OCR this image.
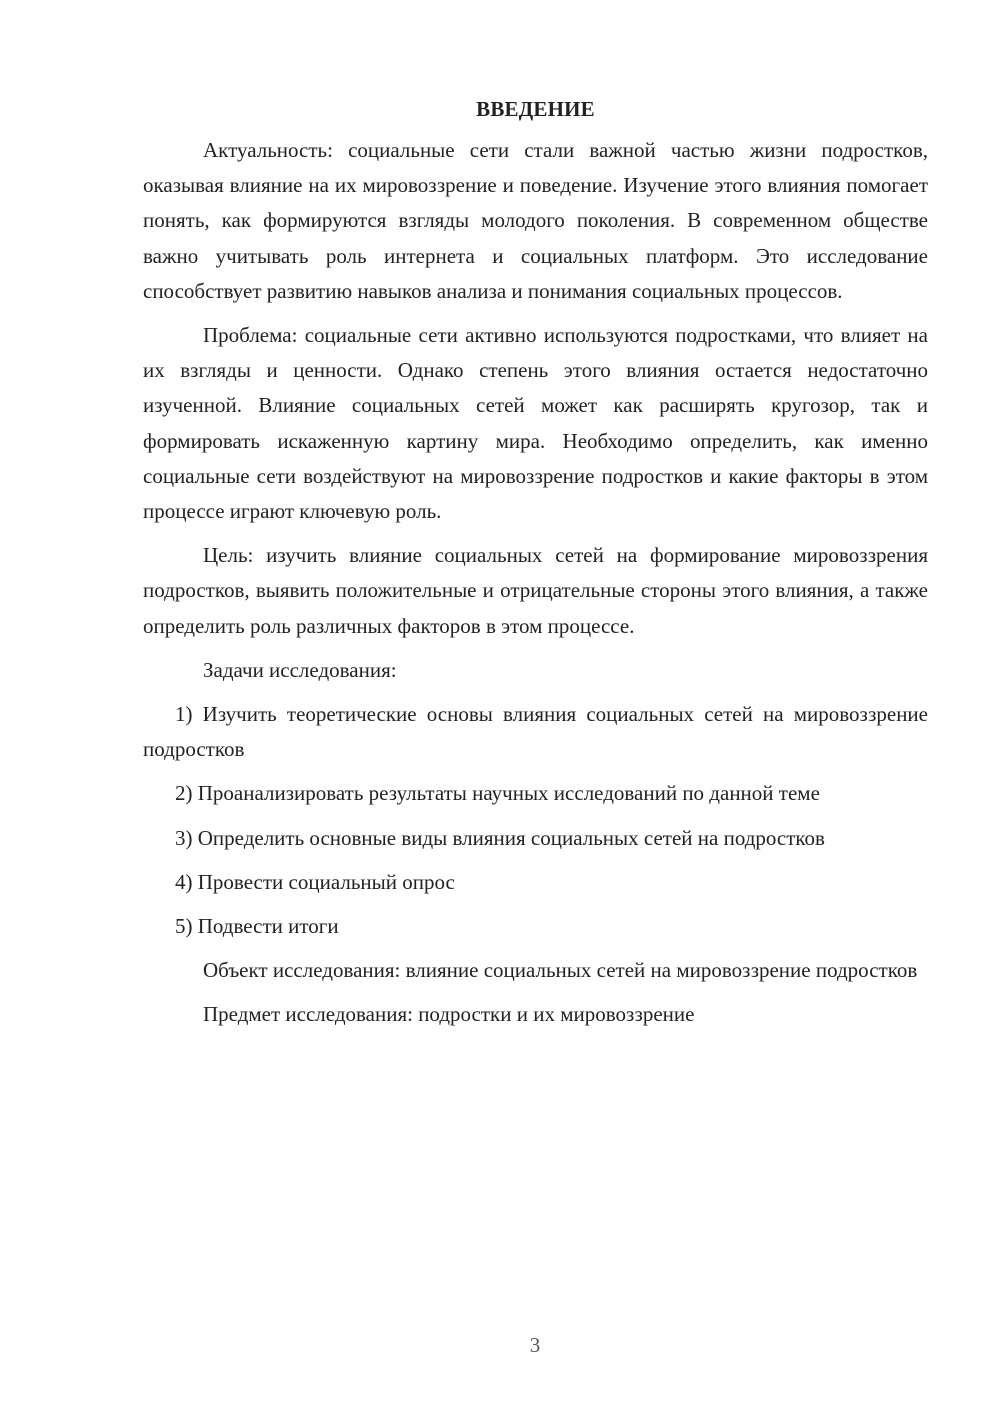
ВВЕДЕНИЕ

Актуальность: социальные сети стали важной частью жизни подростков, оказывая влияние на их мировоззрение и поведение. Изучение этого влияния помогает понять, как формируются взгляды молодого поколения. В современном обществе важно учитывать роль интернета и социальных платформ. Это исследование способствует развитию навыков анализа и понимания социальных процессов.

Проблема: социальные сети активно используются подростками, что влияет на их взгляды и ценности. Однако степень этого влияния остается недостаточно изученной. Влияние социальных сетей может как расширять кругозор, так и формировать искаженную картину мира. Необходимо определить, как именно социальные сети воздействуют на мировоззрение подростков и какие факторы в этом процессе играют ключевую роль.

Цель: изучить влияние социальных сетей на формирование мировоззрения подростков, выявить положительные и отрицательные стороны этого влияния, а также определить роль различных факторов в этом процессе.

Задачи исследования:

1) Изучить теоретические основы влияния социальных сетей на мировоззрение подростков

2) Проанализировать результаты научных исследований по данной теме

3) Определить основные виды влияния социальных сетей на подростков

4) Провести социальный опрос

5) Подвести итоги

Объект исследования: влияние социальных сетей на мировоззрение подростков

Предмет исследования: подростки и их мировоззрение

3
